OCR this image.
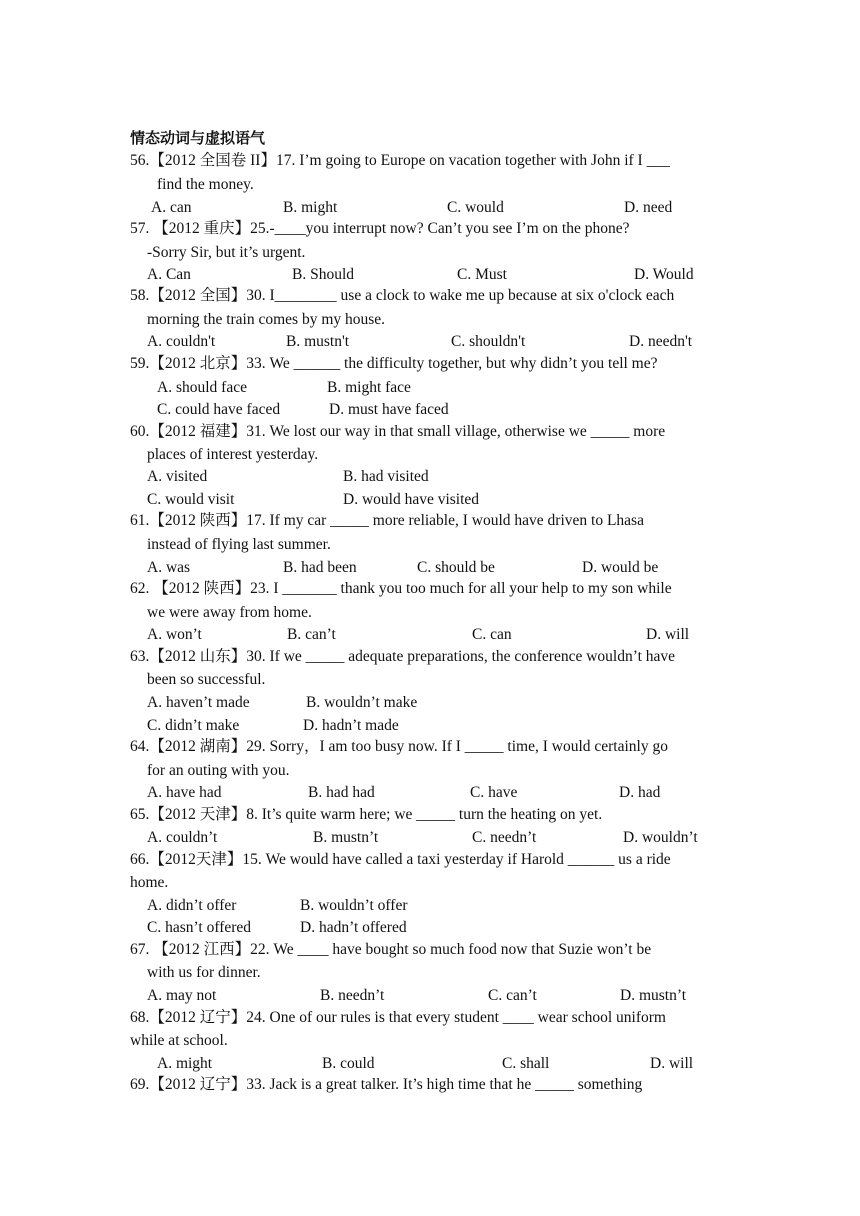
情态动词与虚拟语气
56.【2012 全国卷 II】17. I’m going to Europe on vacation together with John if I ___
find the money.
A. can	B. might	C. would	D. need
57. 【2012 重庆】25.-____you interrupt now? Can’t you see I’m on the phone?
-Sorry Sir, but it’s urgent.
A. Can	B. Should	C. Must	D. Would
58.【2012 全国】30. I________ use a clock to wake me up because at six o'clock each
morning the train comes by my house.
A. couldn't	B. mustn't	C. shouldn't	D. needn't
59.【2012 北京】33. We ______ the difficulty together, but why didn’t you tell me?
A. should face	B. might face
C. could have faced	D. must have faced
60.【2012 福建】31. We lost our way in that small village, otherwise we _____ more
places of interest yesterday.
A. visited	B. had visited
C. would visit	D. would have visited
61.【2012 陕西】17. If my car _____ more reliable, I would have driven to Lhasa
instead of flying last summer.
A. was	B. had been	C. should be	D. would be
62. 【2012 陕西】23. I _______ thank you too much for all your help to my son while
we were away from home.
A. won’t	B. can’t	C. can	D. will
63.【2012 山东】30. If we _____ adequate preparations, the conference wouldn’t have
been so successful.
A. haven’t made	B. wouldn’t make
C. didn’t make	D. hadn’t made
64.【2012 湖南】29. Sorry，I am too busy now. If I _____ time, I would certainly go
for an outing with you.
A. have had	B. had had	C. have	D. had
65.【2012 天津】8. It’s quite warm here; we _____ turn the heating on yet.
A. couldn’t	B. mustn’t	C. needn’t	D. wouldn’t
66.【2012天津】15. We would have called a taxi yesterday if Harold ______ us a ride
home.
A. didn’t offer	B. wouldn’t offer
C. hasn’t offered	D. hadn’t offered
67. 【2012 江西】22. We ____ have bought so much food now that Suzie won’t be
with us for dinner.
A. may not	B. needn’t	C. can’t	D. mustn’t
68.【2012 辽宁】24. One of our rules is that every student ____ wear school uniform
while at school.
A. might	B. could	C. shall	D. will
69.【2012 辽宁】33. Jack is a great talker. It’s high time that he _____ something
